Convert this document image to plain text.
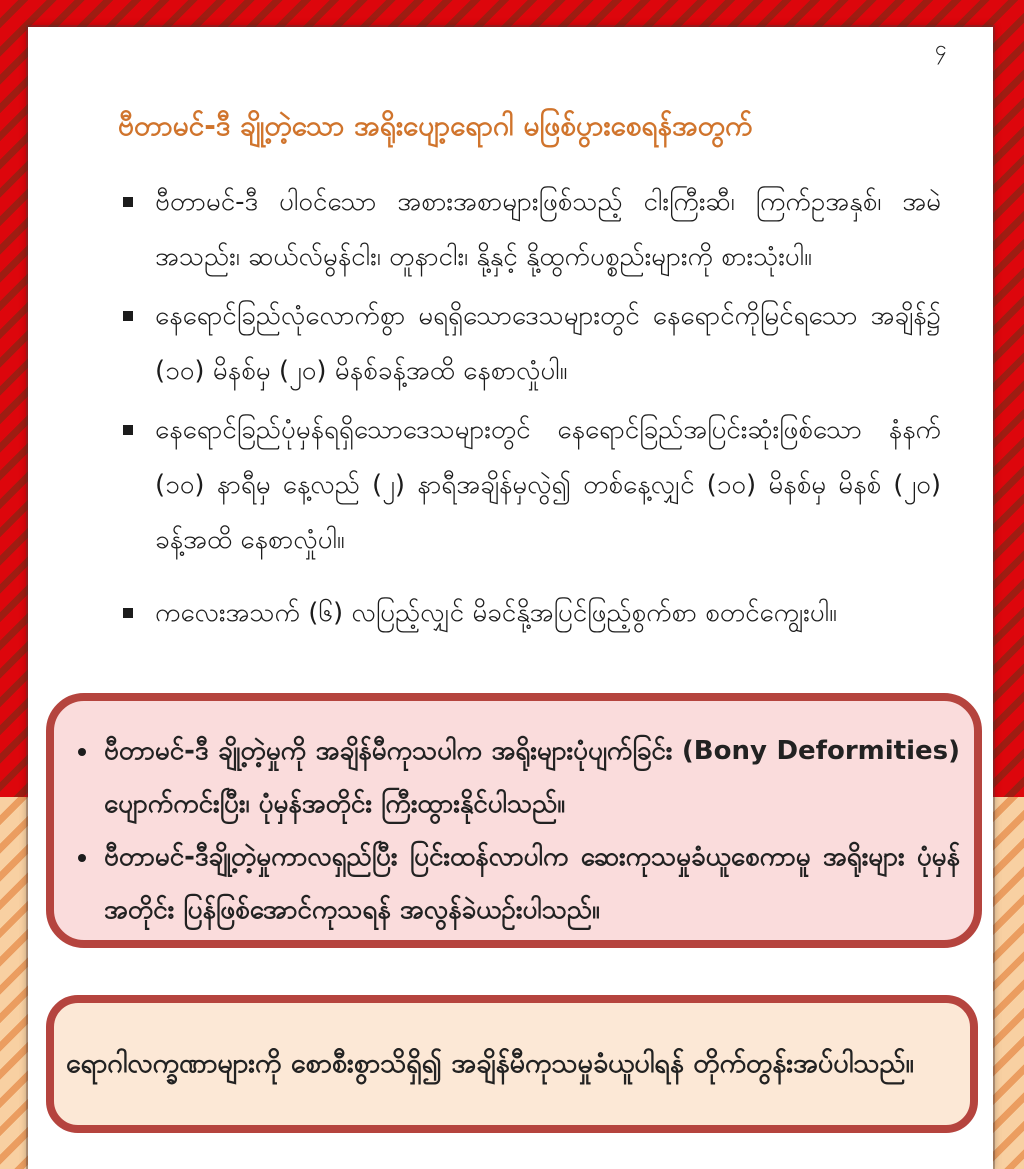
၄
ဗီတာမင်-ဒီ ချို့တဲ့သော အရိုးပျော့ရောဂါ မဖြစ်ပွားစေရန်အတွက်
ဗီတာမင်-ဒီ ပါဝင်သော အစားအစာများဖြစ်သည့် ငါးကြီးဆီ၊ ကြက်ဥအနှစ်၊ အမဲအသည်း၊ ဆယ်လ်မွန်ငါး၊ တူနာငါး၊ နို့နှင့် နို့ထွက်ပစ္စည်းများကို စားသုံးပါ။
နေရောင်ခြည်လုံလောက်စွာ မရရှိသောဒေသများတွင် နေရောင်ကိုမြင်ရသော အချိန်၌ (၁၀) မိနစ်မှ (၂၀) မိနစ်ခန့်အထိ နေစာလှုံပါ။
နေရောင်ခြည်ပုံမှန်ရရှိသောဒေသများတွင် နေရောင်ခြည်အပြင်းဆုံးဖြစ်သော နံနက် (၁၀) နာရီမှ နေ့လည် (၂) နာရီအချိန်မှလွဲ၍ တစ်နေ့လျှင် (၁၀) မိနစ်မှ မိနစ် (၂၀) ခန့်အထိ နေစာလှုံပါ။
ကလေးအသက် (၆) လပြည့်လျှင် မိခင်နို့အပြင်ဖြည့်စွက်စာ စတင်ကျွေးပါ။
ဗီတာမင်-ဒီ ချို့တဲ့မှုကို အချိန်မီကုသပါက အရိုးများပုံပျက်ခြင်း (Bony Deformities) ပျောက်ကင်းပြီး၊ ပုံမှန်အတိုင်း ကြီးထွားနိုင်ပါသည်။
ဗီတာမင်-ဒီချို့တဲ့မှုကာလရှည်ပြီး ပြင်းထန်လာပါက ဆေးကုသမှုခံယူစေကာမူ အရိုးများ ပုံမှန်အတိုင်း ပြန်ဖြစ်အောင်ကုသရန် အလွန်ခဲယဉ်းပါသည်။

ရောဂါလက္ခဏာများကို စောစီးစွာသိရှိ၍ အချိန်မီကုသမှုခံယူပါရန် တိုက်တွန်းအပ်ပါသည်။
